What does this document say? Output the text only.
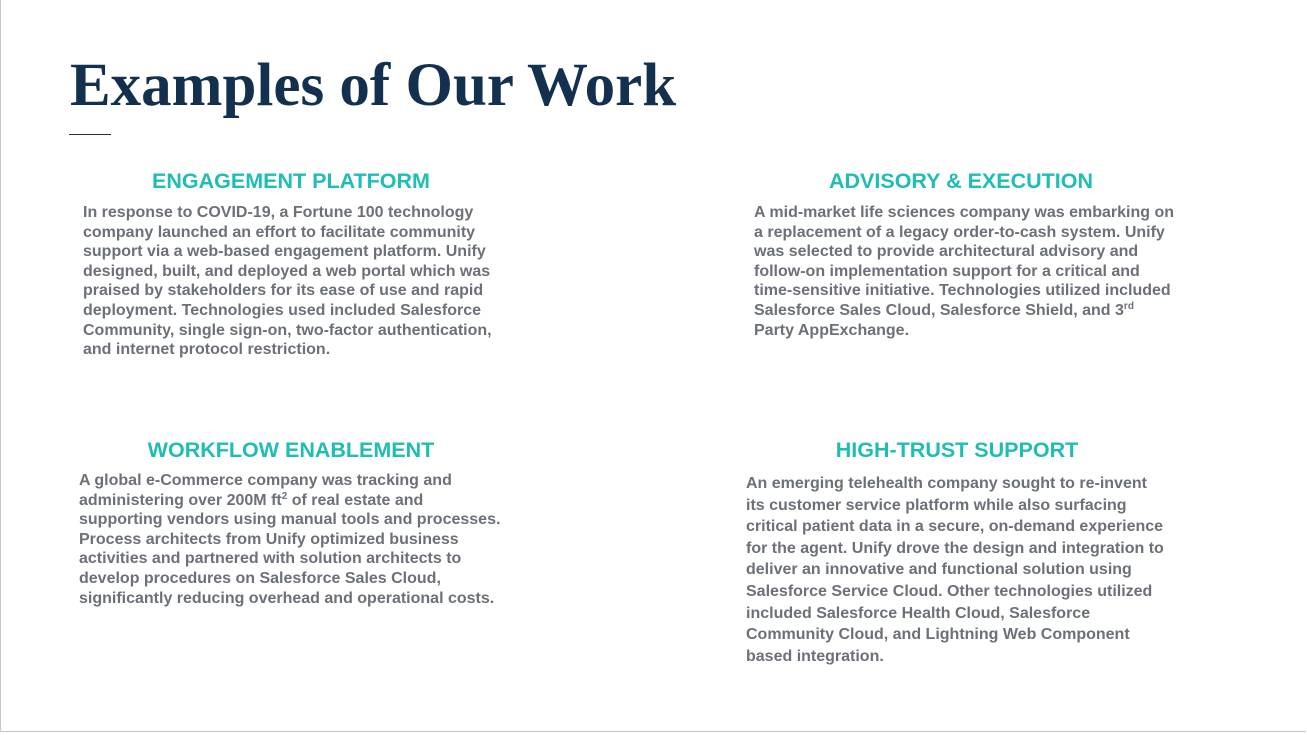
Examples of Our Work
ENGAGEMENT PLATFORM

In response to COVID-19, a Fortune 100 technology company launched an effort to facilitate community support via a web-based engagement platform. Unify designed, built, and deployed a web portal which was praised by stakeholders for its ease of use and rapid deployment. Technologies used included Salesforce Community, single sign-on, two-factor authentication, and internet protocol restriction.

ADVISORY & EXECUTION

A mid-market life sciences company was embarking on a replacement of a legacy order-to-cash system. Unify was selected to provide architectural advisory and follow-on implementation support for a critical and time-sensitive initiative. Technologies utilized included Salesforce Sales Cloud, Salesforce Shield, and 3rd Party AppExchange.

WORKFLOW ENABLEMENT

A global e-Commerce company was tracking and administering over 200M $ft^2$ of real estate and supporting vendors using manual tools and processes. Process architects from Unify optimized business activities and partnered with solution architects to develop procedures on Salesforce Sales Cloud, significantly reducing overhead and operational costs.

HIGH-TRUST SUPPORT

An emerging telehealth company sought to re-invent its customer service platform while also surfacing critical patient data in a secure, on-demand experience for the agent. Unify drove the design and integration to deliver an innovative and functional solution using Salesforce Service Cloud. Other technologies utilized included Salesforce Health Cloud, Salesforce Community Cloud, and Lightning Web Component based integration.
